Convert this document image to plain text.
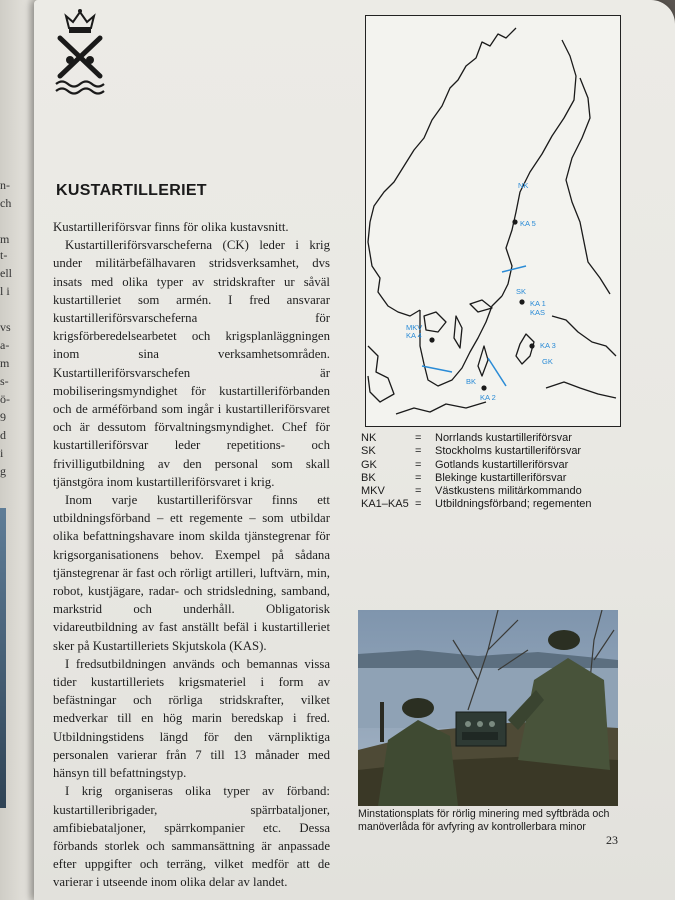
n-
ch
m
t-
ell
l i
vs
a-
m
s-
ö-
9
d
i
g
KUSTARTILLERIET

Kustartilleriförsvar finns för olika kustavsnitt.

Kustartilleriförsvarscheferna (CK) leder i krig under militärbefälhavaren stridsverksamhet, dvs insats med olika typer av stridskrafter ur såväl kustartilleriet som armén. I fred ansvarar kustartilleriförsvarscheferna för krigsförberedelsearbetet och krigsplanläggningen inom sina verksamhetsområden. Kustartilleriförsvarschefen är mobiliseringsmyndighet för kustartilleriförbanden och de arméförband som ingår i kustartilleriförsvaret och är dessutom förvaltningsmyndighet. Chef för kustartilleriförsvar leder repetitions- och frivilligutbildning av den personal som skall tjänstgöra inom kustartilleriförsvaret i krig.

Inom varje kustartilleriförsvar finns ett utbildningsförband – ett regemente – som utbildar olika befattningshavare inom skilda tjänstegrenar för krigsorganisationens behov. Exempel på sådana tjänstegrenar är fast och rörligt artilleri, luftvärn, min, robot, kustjägare, radar- och stridsledning, samband, markstrid och underhåll. Obligatorisk vidareutbildning av fast anställt befäl i kustartilleriet sker på Kustartilleriets Skjutskola (KAS).

I fredsutbildningen används och bemannas vissa tider kustartilleriets krigsmateriel i form av befästningar och rörliga stridskrafter, vilket medverkar till en hög marin beredskap i fred. Utbildningstidens längd för den värnpliktiga personalen varierar från 7 till 13 månader med hänsyn till befattningstyp.

I krig organiseras olika typer av förband: kustartilleribrigader, spärrbataljoner, amfibiebataljoner, spärrkompanier etc. Dessa förbands storlek och sammansättning är anpassade efter uppgifter och terräng, vilket medför att de varierar i utseende inom olika delar av landet.

NK
KA 5
SK
KA 1
KAS
MKV
KA 4
KA 3
GK
BK
KA 2
NK	=	Norrlands kustartilleriförsvar
SK	=	Stockholms kustartilleriförsvar
GK	=	Gotlands kustartilleriförsvar
BK	=	Blekinge kustartilleriförsvar
MKV	=	Västkustens militärkommando
KA1–KA5 =	Utbildningsförband; regementen
Minstationsplats för rörlig minering med syftbräda och manöverlåda för avfyring av kontrollerbara minor
23
